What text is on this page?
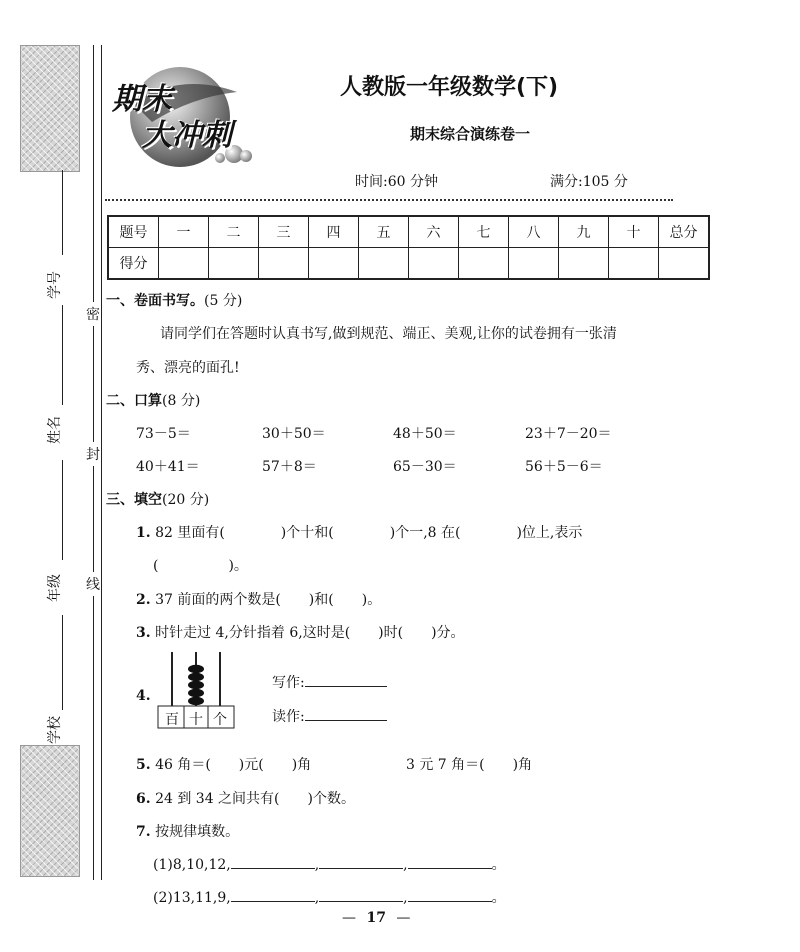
学号
姓名
年级
学校
密
封
线
期末
大冲刺
人教版一年级数学(下)
期末综合演练卷一
时间:60 分钟	满分:105 分
题号	一	二	三	四	五	六	七	八	九	十	总分
得分											
一、卷面书写。(5 分)
请同学们在答题时认真书写,做到规范、端正、美观,让你的试卷拥有一张清
秀、漂亮的面孔!
二、口算(8 分)
73－5＝	30＋50＝	48＋50＝	23＋7－20＝
40＋41＝	57＋8＝	65－30＝	56＋5－6＝
三、填空(20 分)
1. 82 里面有(　　　　)个十和(　　　　)个一,8 在(　　　　)位上,表示
(　　　　　)。
2. 37 前面的两个数是(　　)和(　　)。
3. 时针走过 4,分针指着 6,这时是(　　)时(　　)分。
4.
百 十 个
写作:
读作:
5. 46 角＝(　　)元(　　)角	3 元 7 角＝(　　)角
6. 24 到 34 之间共有(　　)个数。
7. 按规律填数。
(1)8,10,12,	,	,	。
(2)13,11,9,	,	,	。
— 17 —
